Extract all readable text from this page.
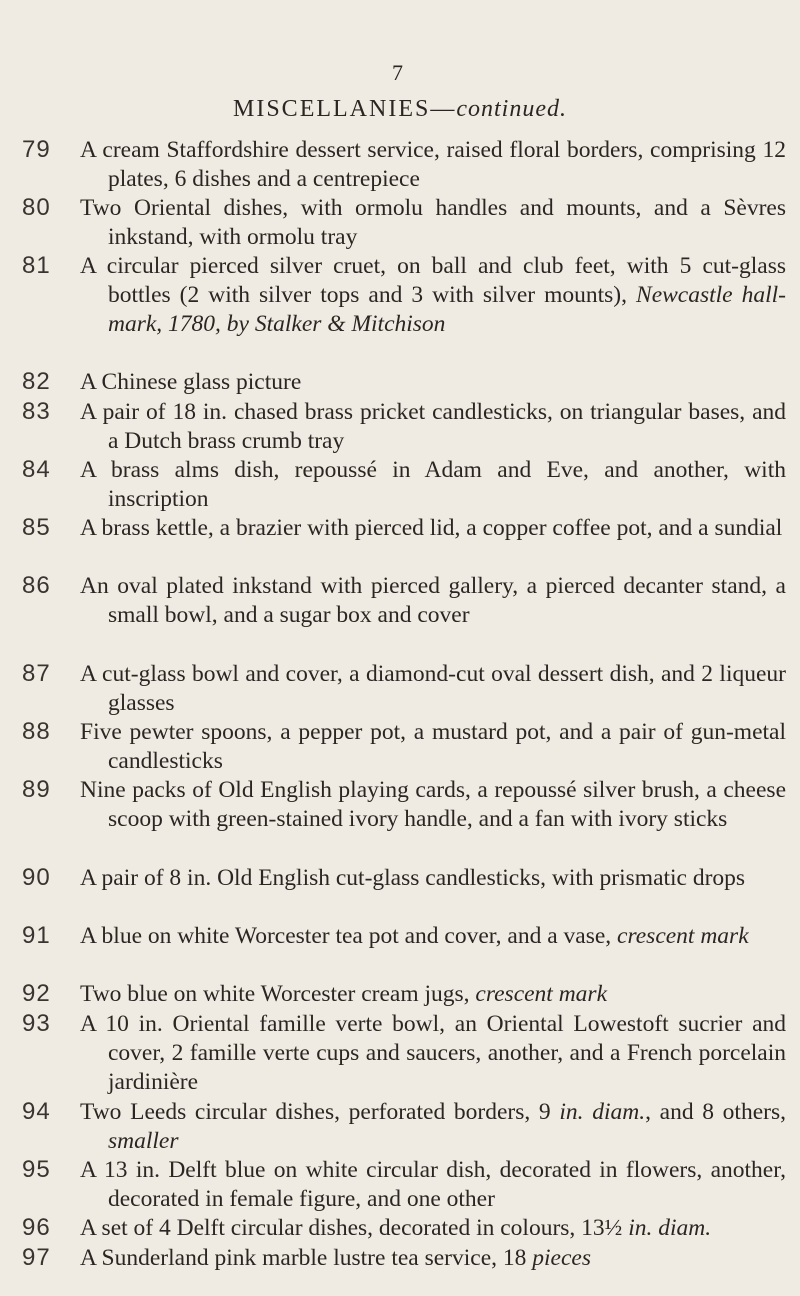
7
MISCELLANIES—continued.
79	A cream Staffordshire dessert service, raised floral borders, comprising 12 plates, 6 dishes and a centrepiece
80	Two Oriental dishes, with ormolu handles and mounts, and a Sèvres inkstand, with ormolu tray
81	A circular pierced silver cruet, on ball and club feet, with 5 cut-glass bottles (2 with silver tops and 3 with silver mounts), Newcastle hall-mark, 1780, by Stalker & Mitchison
82	A Chinese glass picture
83	A pair of 18 in. chased brass pricket candlesticks, on triangular bases, and a Dutch brass crumb tray
84	A brass alms dish, repoussé in Adam and Eve, and another, with inscription
85	A brass kettle, a brazier with pierced lid, a copper coffee pot, and a sundial
86	An oval plated inkstand with pierced gallery, a pierced decanter stand, a small bowl, and a sugar box and cover
87	A cut-glass bowl and cover, a diamond-cut oval dessert dish, and 2 liqueur glasses
88	Five pewter spoons, a pepper pot, a mustard pot, and a pair of gun-metal candlesticks
89	Nine packs of Old English playing cards, a repoussé silver brush, a cheese scoop with green-stained ivory handle, and a fan with ivory sticks
90	A pair of 8 in. Old English cut-glass candlesticks, with prismatic drops
91	A blue on white Worcester tea pot and cover, and a vase, crescent mark
92	Two blue on white Worcester cream jugs, crescent mark
93	A 10 in. Oriental famille verte bowl, an Oriental Lowestoft sucrier and cover, 2 famille verte cups and saucers, another, and a French porcelain jardinière
94	Two Leeds circular dishes, perforated borders, 9 in. diam., and 8 others, smaller
95	A 13 in. Delft blue on white circular dish, decorated in flowers, another, decorated in female figure, and one other
96	A set of 4 Delft circular dishes, decorated in colours, 13½ in. diam.
97	A Sunderland pink marble lustre tea service, 18 pieces
